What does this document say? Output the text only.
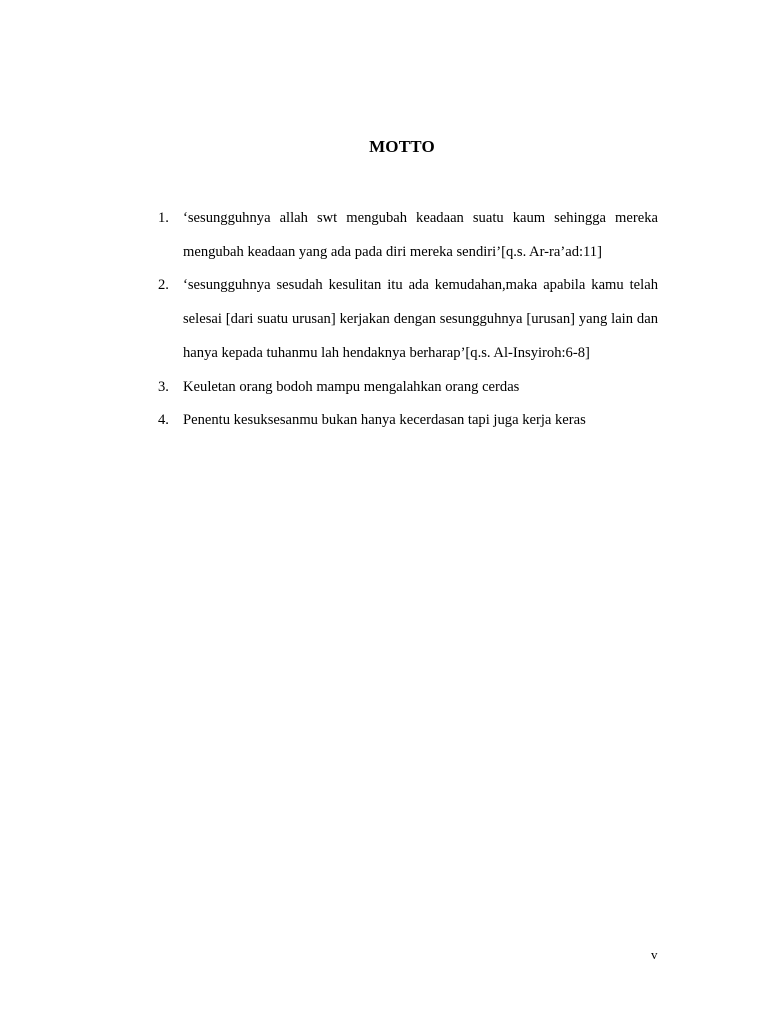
MOTTO
1. ‘sesungguhnya allah swt mengubah keadaan suatu kaum sehingga mereka mengubah keadaan yang ada pada diri mereka sendiri’[q.s. Ar-ra’ad:11]
2. ‘sesungguhnya sesudah kesulitan itu ada kemudahan,maka apabila kamu telah selesai [dari suatu urusan] kerjakan dengan sesungguhnya [urusan] yang lain dan hanya kepada tuhanmu lah hendaknya berharap’[q.s. Al-Insyiroh:6-8]
3. Keuletan orang bodoh mampu mengalahkan orang cerdas
4. Penentu kesuksesanmu bukan hanya kecerdasan tapi juga kerja keras
v
